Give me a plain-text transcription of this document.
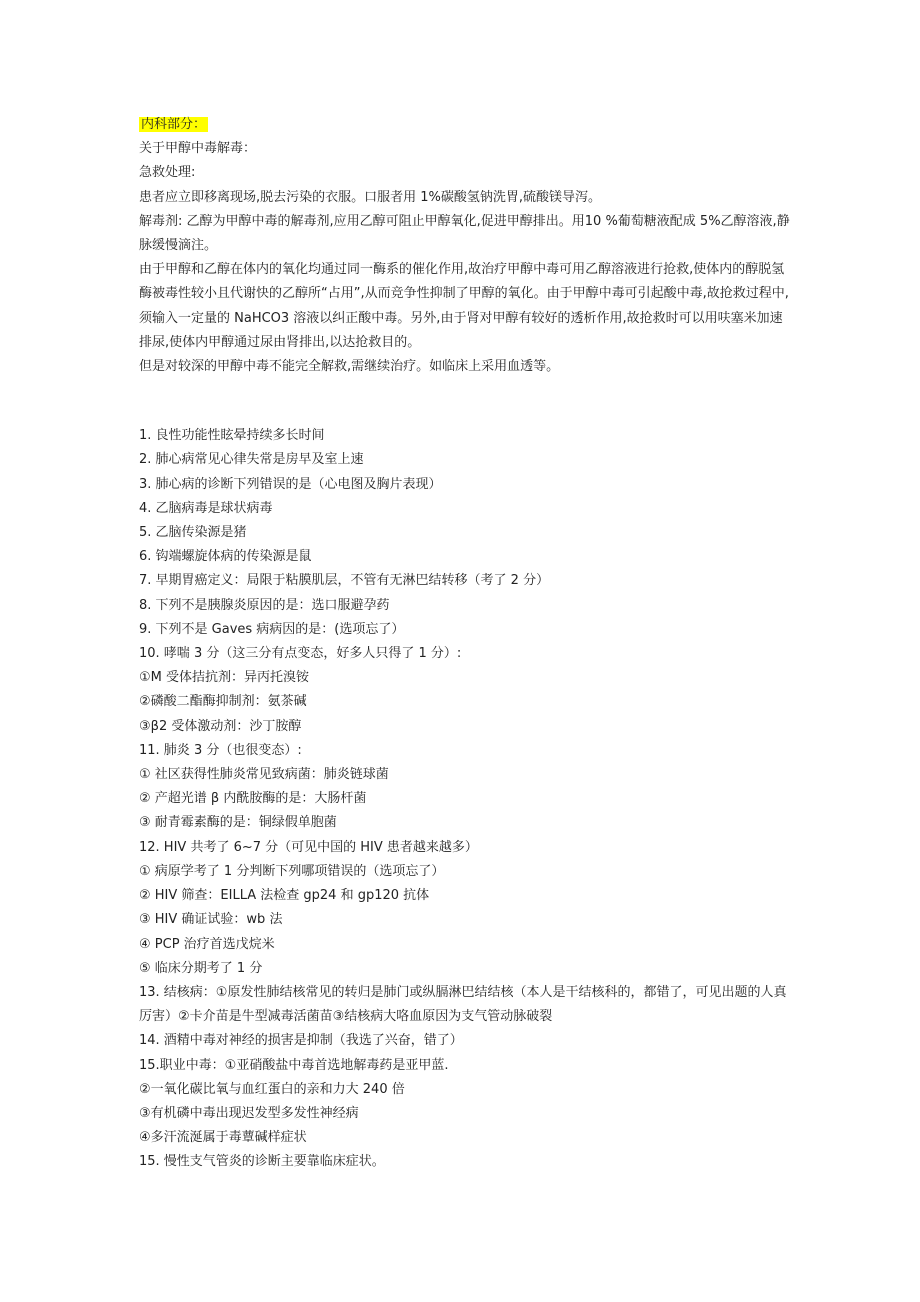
内科部分：

关于甲醇中毒解毒：

急救处理:

患者应立即移离现场,脱去污染的衣服。口服者用 1%碳酸氢钠洗胃,硫酸镁导泻。

解毒剂: 乙醇为甲醇中毒的解毒剂,应用乙醇可阻止甲醇氧化,促进甲醇排出。用10 %葡萄糖液配成 5%乙醇溶液,静脉缓慢滴注。

由于甲醇和乙醇在体内的氧化均通过同一酶系的催化作用,故治疗甲醇中毒可用乙醇溶液进行抢救,使体内的醇脱氢酶被毒性较小且代谢快的乙醇所“占用”,从而竞争性抑制了甲醇的氧化。由于甲醇中毒可引起酸中毒,故抢救过程中,须输入一定量的 NaHCO3 溶液以纠正酸中毒。另外,由于肾对甲醇有较好的透析作用,故抢救时可以用呋塞米加速排尿,使体内甲醇通过尿由肾排出,以达抢救目的。

但是对较深的甲醇中毒不能完全解救,需继续治疗。如临床上采用血透等。

1. 良性功能性眩晕持续多长时间

2. 肺心病常见心律失常是房早及室上速

3. 肺心病的诊断下列错误的是（心电图及胸片表现）

4. 乙脑病毒是球状病毒

5. 乙脑传染源是猪

6. 钩端螺旋体病的传染源是鼠

7. 早期胃癌定义：局限于粘膜肌层，不管有无淋巴结转移（考了 2 分）

8. 下列不是胰腺炎原因的是：选口服避孕药

9. 下列不是 Gaves 病病因的是：(选项忘了）

10. 哮喘 3 分（这三分有点变态，好多人只得了 1 分）:

①M 受体拮抗剂：异丙托溴铵

②磷酸二酯酶抑制剂：氨茶碱

③β2 受体激动剂：沙丁胺醇

11. 肺炎 3 分（也很变态）:

① 社区获得性肺炎常见致病菌：肺炎链球菌

② 产超光谱 β 内酰胺酶的是：大肠杆菌

③ 耐青霉素酶的是：铜绿假单胞菌

12. HIV 共考了 6~7 分（可见中国的 HIV 患者越来越多）

① 病原学考了 1 分判断下列哪项错误的（选项忘了）

② HIV 筛查：EILLA 法检查 gp24 和 gp120 抗体

③ HIV 确证试验：wb 法

④ PCP 治疗首选戊烷米

⑤ 临床分期考了 1 分

13. 结核病：①原发性肺结核常见的转归是肺门或纵膈淋巴结结核（本人是干结核科的，都错了，可见出题的人真厉害）②卡介苗是牛型减毒活菌苗③结核病大咯血原因为支气管动脉破裂

14. 酒精中毒对神经的损害是抑制（我选了兴奋，错了）

15.职业中毒：①亚硝酸盐中毒首选地解毒药是亚甲蓝.

②一氧化碳比氧与血红蛋白的亲和力大 240 倍

③有机磷中毒出现迟发型多发性神经病

④多汗流涎属于毒蕈碱样症状

15. 慢性支气管炎的诊断主要靠临床症状。
